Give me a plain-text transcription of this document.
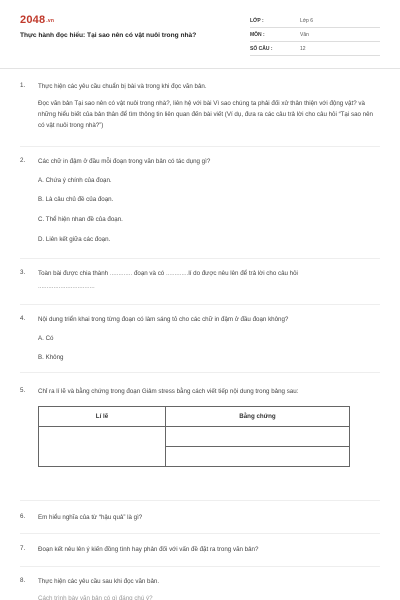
$2048^{.vn}$
Thực hành đọc hiểu: Tại sao nên có vật nuôi trong nhà?
LỚP :	Lớp 6
MÔN :	Văn
SỐ CÂU :	12
1. Thực hiện các yêu cầu chuẩn bị bài và trong khi đọc văn bản.
Đọc văn bản Tại sao nên có vật nuôi trong nhà?, liên hệ với bài Vì sao chúng ta phải đối xử thân thiện với động vật? và những hiểu biết của bản thân để tìm thông tin liên quan đến bài viết (Ví dụ, đưa ra các câu trả lời cho câu hỏi “Tại sao nên có vật nuôi trong nhà?”)
2. Các chữ in đậm ở đầu mỗi đoạn trong văn bản có tác dụng gì?
A. Chứa ý chính của đoạn.
B. Là câu chủ đề của đoạn.
C. Thể hiện nhan đề của đoạn.
D. Liên kết giữa các đoạn.
3. Toàn bài được chia thành ............. đoạn và có .............lí do được nêu lên để trả lời cho câu hỏi
.................................
4. Nội dung triển khai trong từng đoạn có làm sáng tỏ cho các chữ in đậm ở đầu đoạn không?
A. Có
B. Không
5. Chỉ ra lí lẽ và bằng chứng trong đoạn Giảm stress bằng cách viết tiếp nội dung trong bảng sau:
Lí lẽ	Bằng chứng

6. Em hiểu nghĩa của từ “hậu quả” là gì?
7. Đoạn kết nêu lên ý kiến đồng tình hay phản đối với vấn đề đặt ra trong văn bản?
8. Thực hiện các yêu cầu sau khi đọc văn bản.
Cách trình bày văn bản có gì đáng chú ý?
